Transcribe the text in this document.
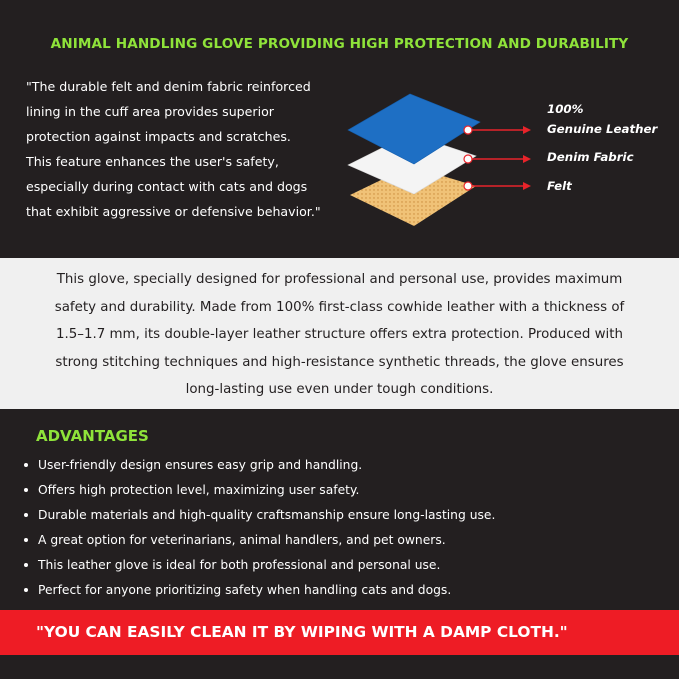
ANIMAL HANDLING GLOVE PROVIDING HIGH PROTECTION AND DURABILITY
"The durable felt and denim fabric reinforced
lining in the cuff area provides superior
protection against impacts and scratches.
This feature enhances the user's safety,
especially during contact with cats and dogs
that exhibit aggressive or defensive behavior."
100%
Genuine Leather
Denim Fabric
Felt
This glove, specially designed for professional and personal use, provides maximum
safety and durability. Made from 100% first-class cowhide leather with a thickness of
1.5–1.7 mm, its double-layer leather structure offers extra protection. Produced with
strong stitching techniques and high-resistance synthetic threads, the glove ensures
long-lasting use even under tough conditions.
ADVANTAGES
User-friendly design ensures easy grip and handling.
Offers high protection level, maximizing user safety.
Durable materials and high-quality craftsmanship ensure long-lasting use.
A great option for veterinarians, animal handlers, and pet owners.
This leather glove is ideal for both professional and personal use.
Perfect for anyone prioritizing safety when handling cats and dogs.
"YOU CAN EASILY CLEAN IT BY WIPING WITH A DAMP CLOTH."
